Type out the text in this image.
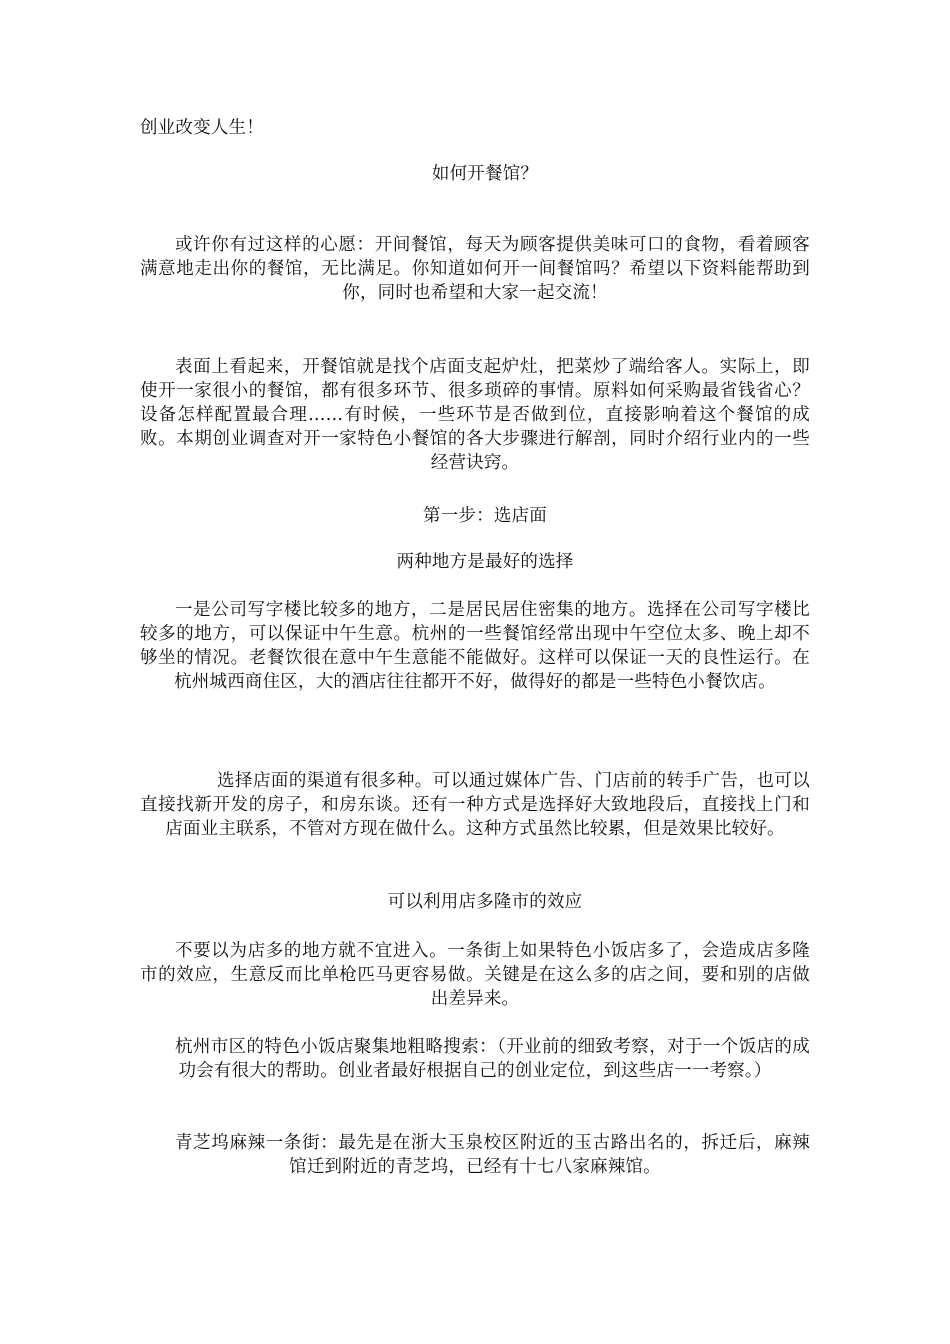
创业改变人生！

如何开餐馆？

或许你有过这样的心愿：开间餐馆，每天为顾客提供美味可口的食物，看着顾客满意地走出你的餐馆，无比满足。你知道如何开一间餐馆吗？希望以下资料能帮助到你，同时也希望和大家一起交流！

表面上看起来，开餐馆就是找个店面支起炉灶，把菜炒了端给客人。实际上，即使开一家很小的餐馆，都有很多环节、很多琐碎的事情。原料如何采购最省钱省心？设备怎样配置最合理……有时候，一些环节是否做到位，直接影响着这个餐馆的成败。本期创业调查对开一家特色小餐馆的各大步骤进行解剖，同时介绍行业内的一些经营诀窍。

第一步：选店面

两种地方是最好的选择

一是公司写字楼比较多的地方，二是居民居住密集的地方。选择在公司写字楼比较多的地方，可以保证中午生意。杭州的一些餐馆经常出现中午空位太多、晚上却不够坐的情况。老餐饮很在意中午生意能不能做好。这样可以保证一天的良性运行。在杭州城西商住区，大的酒店往往都开不好，做得好的都是一些特色小餐饮店。

选择店面的渠道有很多种。可以通过媒体广告、门店前的转手广告，也可以直接找新开发的房子，和房东谈。还有一种方式是选择好大致地段后，直接找上门和店面业主联系，不管对方现在做什么。这种方式虽然比较累，但是效果比较好。

可以利用店多隆市的效应

不要以为店多的地方就不宜进入。一条街上如果特色小饭店多了，会造成店多隆市的效应，生意反而比单枪匹马更容易做。关键是在这么多的店之间，要和别的店做出差异来。

杭州市区的特色小饭店聚集地粗略搜索：（开业前的细致考察，对于一个饭店的成功会有很大的帮助。创业者最好根据自己的创业定位，到这些店一一考察。）

青芝坞麻辣一条街：最先是在浙大玉泉校区附近的玉古路出名的，拆迁后，麻辣馆迁到附近的青芝坞，已经有十七八家麻辣馆。
